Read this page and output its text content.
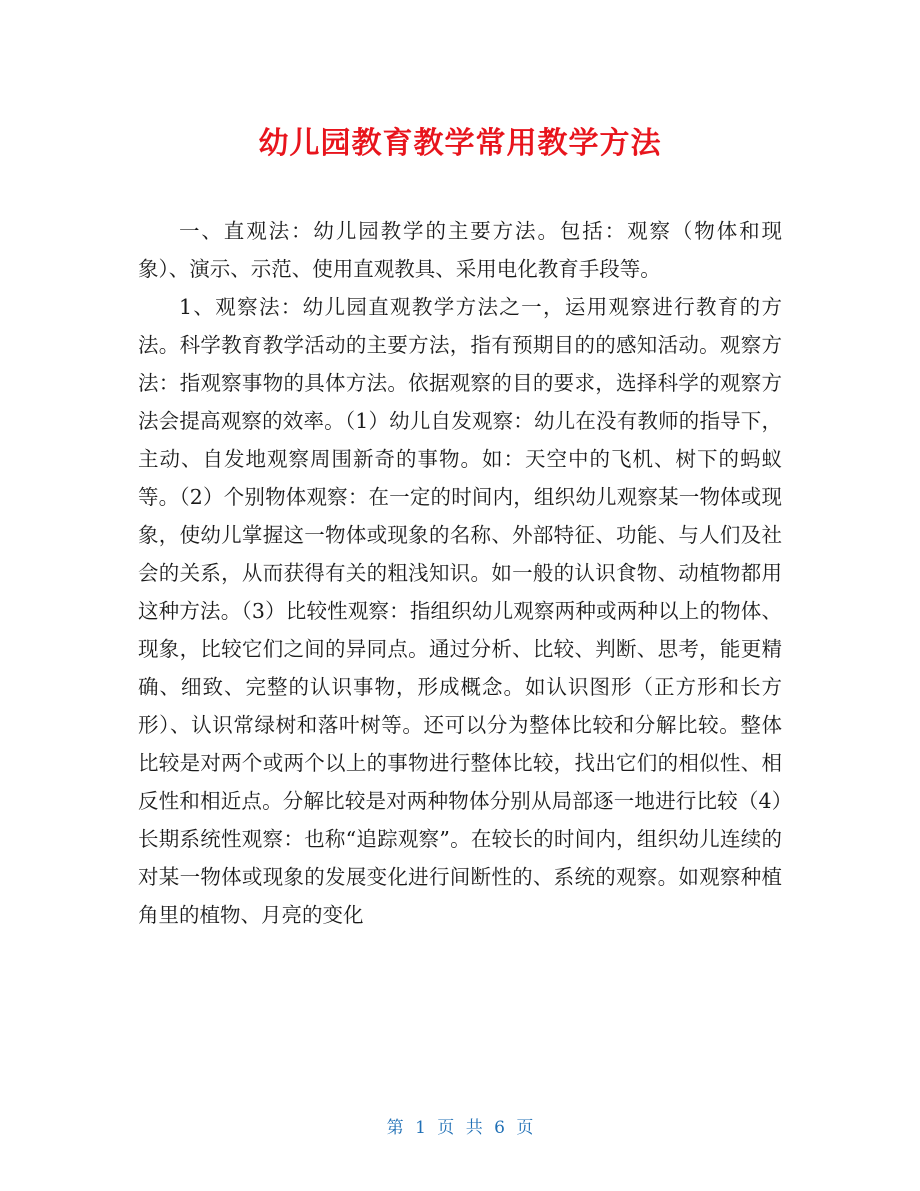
幼儿园教育教学常用教学方法

一、直观法：幼儿园教学的主要方法。包括：观察（物体和现象）、演示、示范、使用直观教具、采用电化教育手段等。

1、观察法：幼儿园直观教学方法之一，运用观察进行教育的方法。科学教育教学活动的主要方法，指有预期目的的感知活动。观察方法：指观察事物的具体方法。依据观察的目的要求，选择科学的观察方法会提高观察的效率。（1）幼儿自发观察：幼儿在没有教师的指导下，主动、自发地观察周围新奇的事物。如：天空中的飞机、树下的蚂蚁等。（2）个别物体观察：在一定的时间内，组织幼儿观察某一物体或现象，使幼儿掌握这一物体或现象的名称、外部特征、功能、与人们及社会的关系，从而获得有关的粗浅知识。如一般的认识食物、动植物都用这种方法。（3）比较性观察：指组织幼儿观察两种或两种以上的物体、现象，比较它们之间的异同点。通过分析、比较、判断、思考，能更精确、细致、完整的认识事物，形成概念。如认识图形（正方形和长方形）、认识常绿树和落叶树等。还可以分为整体比较和分解比较。整体比较是对两个或两个以上的事物进行整体比较，找出它们的相似性、相反性和相近点。分解比较是对两种物体分别从局部逐一地进行比较（4）长期系统性观察：也称“追踪观察”。在较长的时间内，组织幼儿连续的对某一物体或现象的发展变化进行间断性的、系统的观察。如观察种植角里的植物、月亮的变化

第 1 页 共 6 页
